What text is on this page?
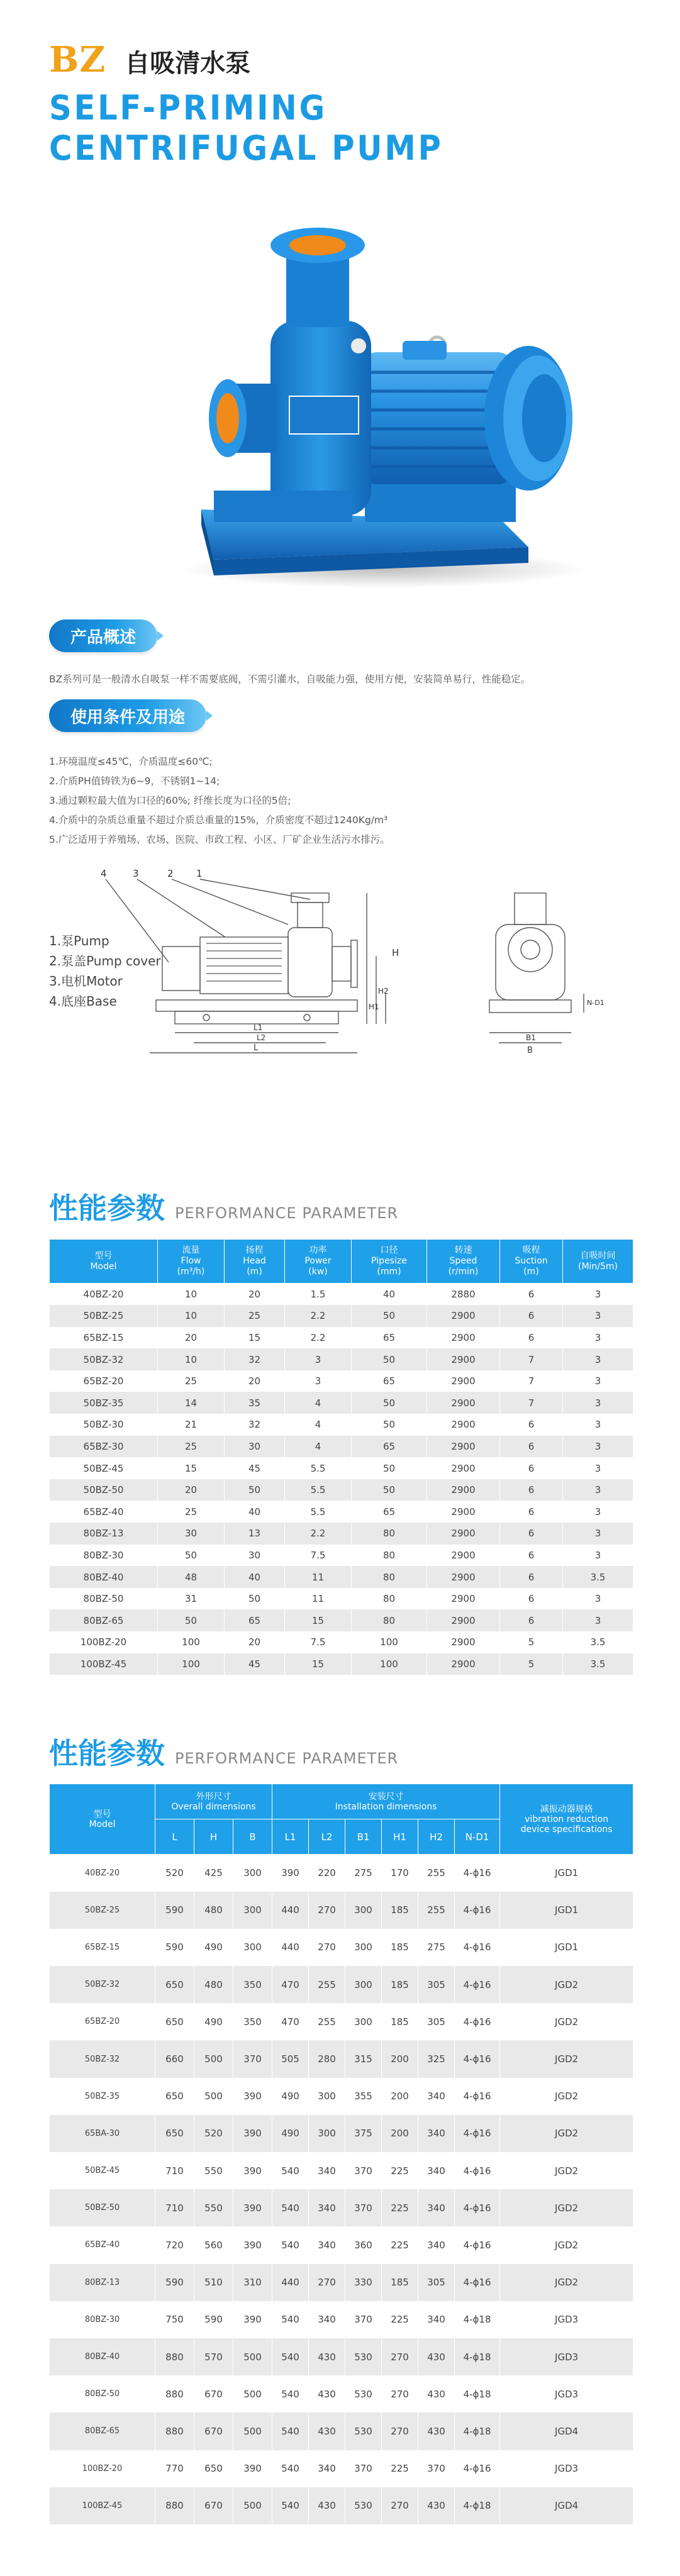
BZ 自吸清水泵
SELF-PRIMING
CENTRIFUGAL PUMP
产品概述

BZ系列可是一般清水自吸泵一样不需要底阀，不需引灌水，自吸能力强，使用方便，安装简单易行，性能稳定。

使用条件及用途
1.环境温度≤45℃，介质温度≤60℃;
2.介质PH值铸铁为6~9，不锈钢1~14;
3.通过颗粒最大值为口径的60%; 纤维长度为口径的5倍;
4.介质中的杂质总重量不超过介质总重量的15%，介质密度不超过1240Kg/m³
5.广泛适用于养殖场、农场、医院、市政工程、小区、厂矿企业生活污水排污。
1.泵Pump
2.泵盖Pump cover
3.电机Motor
4.底座Base
4	3	2 1
H
H2
H1
L
L2
L1
B
B1
N-D1
性能参数 PERFORMANCE PARAMETER
型号
Model	流量
Flow
(m³/h)	扬程
Head
(m)	功率
Power
(kw)	口径
Pipesize
(mm)	转速
Speed
(r/min)	吸程
Suction
(m)	自吸时间
(Min/5m)
40BZ-20	10	20	1.5	40	2880	6	3
50BZ-25	10	25	2.2	50	2900	6	3
65BZ-15	20	15	2.2	65	2900	6	3
50BZ-32	10	32	3	50	2900	7	3
65BZ-20	25	20	3	65	2900	7	3
50BZ-35	14	35	4	50	2900	7	3
50BZ-30	21	32	4	50	2900	6	3
65BZ-30	25	30	4	65	2900	6	3
50BZ-45	15	45	5.5	50	2900	6	3
50BZ-50	20	50	5.5	50	2900	6	3
65BZ-40	25	40	5.5	65	2900	6	3
80BZ-13	30	13	2.2	80	2900	6	3
80BZ-30	50	30	7.5	80	2900	6	3
80BZ-40	48	40	11	80	2900	6	3.5
80BZ-50	31	50	11	80	2900	6	3
80BZ-65	50	65	15	80	2900	6	3
100BZ-20	100	20	7.5	100	2900	5	3.5
100BZ-45	100	45	15	100	2900	5	3.5
性能参数 PERFORMANCE PARAMETER
型号
Model	外形尺寸
Overall dimensions			安装尺寸
Installation dimensions						减振动器规格
vibration reduction
device specifications
	L	H	B	L1	L2	B1	H1	H2	N-D1	
40BZ-20	520	425	300	390	220	275	170	255	4-ϕ16	JGD1
50BZ-25	590	480	300	440	270	300	185	255	4-ϕ16	JGD1
65BZ-15	590	490	300	440	270	300	185	275	4-ϕ16	JGD1
50BZ-32	650	480	350	470	255	300	185	305	4-ϕ16	JGD2
65BZ-20	650	490	350	470	255	300	185	305	4-ϕ16	JGD2
50BZ-32	660	500	370	505	280	315	200	325	4-ϕ16	JGD2
50BZ-35	650	500	390	490	300	355	200	340	4-ϕ16	JGD2
65BA-30	650	520	390	490	300	375	200	340	4-ϕ16	JGD2
50BZ-45	710	550	390	540	340	370	225	340	4-ϕ16	JGD2
50BZ-50	710	550	390	540	340	370	225	340	4-ϕ16	JGD2
65BZ-40	720	560	390	540	340	360	225	340	4-ϕ16	JGD2
80BZ-13	590	510	310	440	270	330	185	305	4-ϕ16	JGD2
80BZ-30	750	590	390	540	340	370	225	340	4-ϕ18	JGD3
80BZ-40	880	570	500	540	430	530	270	430	4-ϕ18	JGD3
80BZ-50	880	670	500	540	430	530	270	430	4-ϕ18	JGD3
80BZ-65	880	670	500	540	430	530	270	430	4-ϕ18	JGD4
100BZ-20	770	650	390	540	340	370	225	370	4-ϕ16	JGD3
100BZ-45	880	670	500	540	430	530	270	430	4-ϕ18	JGD4
